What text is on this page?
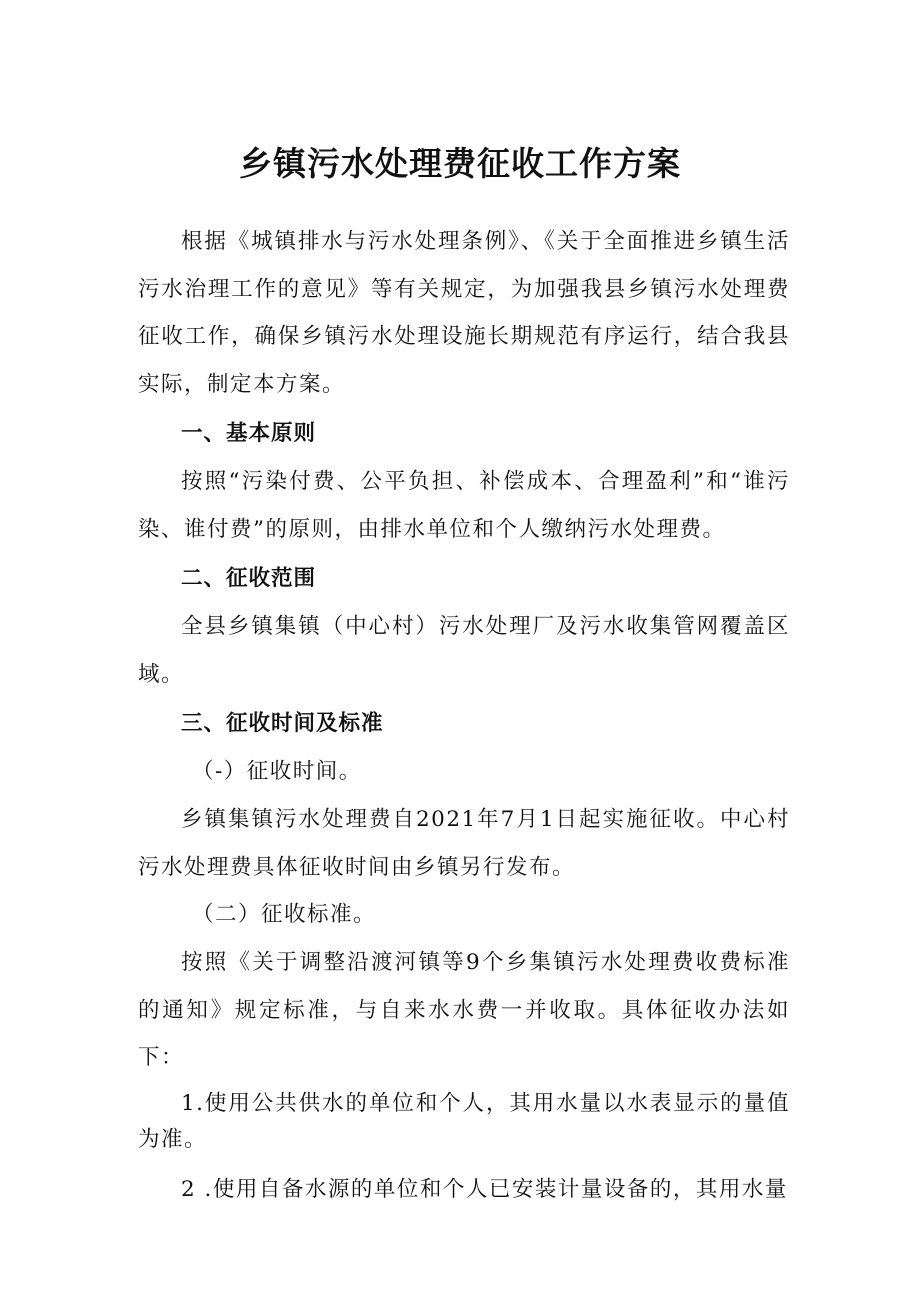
乡镇污水处理费征收工作方案

根据《城镇排水与污水处理条例》、《关于全面推进乡镇生活污水治理工作的意见》等有关规定，为加强我县乡镇污水处理费征收工作，确保乡镇污水处理设施长期规范有序运行，结合我县实际，制定本方案。

一、基本原则

按照“污染付费、公平负担、补偿成本、合理盈利”和“谁污染、谁付费”的原则，由排水单位和个人缴纳污水处理费。

二、征收范围

全县乡镇集镇（中心村）污水处理厂及污水收集管网覆盖区域。

三、征收时间及标准
（-）征收时间。

乡镇集镇污水处理费自2021年7月1日起实施征收。中心村污水处理费具体征收时间由乡镇另行发布。

（二）征收标准。

按照《关于调整沿渡河镇等9个乡集镇污水处理费收费标准的通知》规定标准，与自来水水费一并收取。具体征收办法如下：

1.使用公共供水的单位和个人，其用水量以水表显示的量值为准。

2 .使用自备水源的单位和个人已安装计量设备的，其用水量
